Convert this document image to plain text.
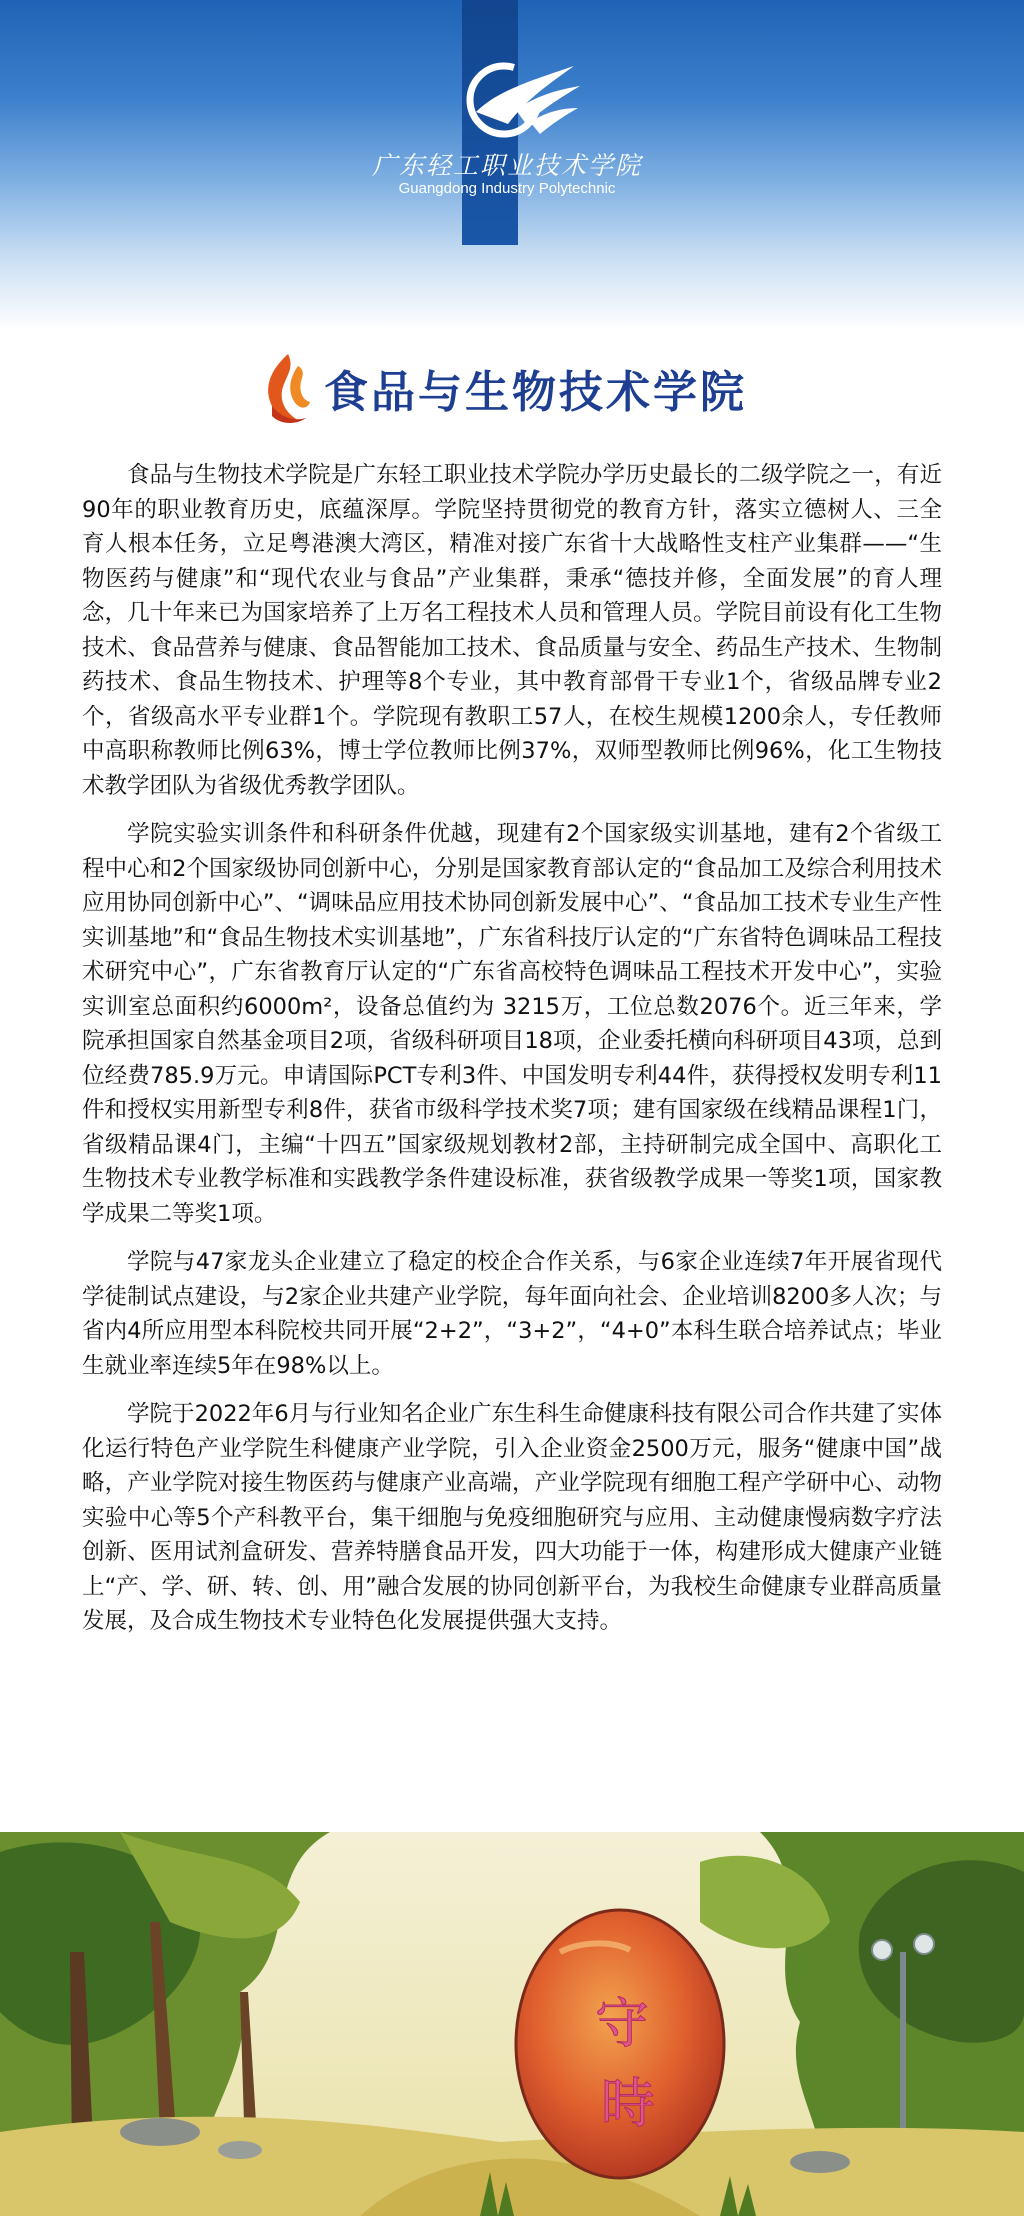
广东轻工职业技术学院
Guangdong Industry Polytechnic
食品与生物技术学院

食品与生物技术学院是广东轻工职业技术学院办学历史最长的二级学院之一，有近90年的职业教育历史，底蕴深厚。学院坚持贯彻党的教育方针，落实立德树人、三全育人根本任务，立足粤港澳大湾区，精准对接广东省十大战略性支柱产业集群——“生物医药与健康”和“现代农业与食品”产业集群，秉承“德技并修，全面发展”的育人理念，几十年来已为国家培养了上万名工程技术人员和管理人员。学院目前设有化工生物技术、食品营养与健康、食品智能加工技术、食品质量与安全、药品生产技术、生物制药技术、食品生物技术、护理等8个专业，其中教育部骨干专业1个，省级品牌专业2个，省级高水平专业群1个。学院现有教职工57人，在校生规模1200余人，专任教师中高职称教师比例63%，博士学位教师比例37%，双师型教师比例96%，化工生物技术教学团队为省级优秀教学团队。

学院实验实训条件和科研条件优越，现建有2个国家级实训基地，建有2个省级工程中心和2个国家级协同创新中心，分别是国家教育部认定的“食品加工及综合利用技术应用协同创新中心”、“调味品应用技术协同创新发展中心”、“食品加工技术专业生产性实训基地”和“食品生物技术实训基地”，广东省科技厅认定的“广东省特色调味品工程技术研究中心”，广东省教育厅认定的“广东省高校特色调味品工程技术开发中心”，实验实训室总面积约6000m²，设备总值约为 3215万，工位总数2076个。近三年来，学院承担国家自然基金项目2项，省级科研项目18项，企业委托横向科研项目43项，总到位经费785.9万元。申请国际PCT专利3件、中国发明专利44件，获得授权发明专利11件和授权实用新型专利8件，获省市级科学技术奖7项；建有国家级在线精品课程1门，省级精品课4门，主编“十四五”国家级规划教材2部，主持研制完成全国中、高职化工生物技术专业教学标准和实践教学条件建设标准，获省级教学成果一等奖1项，国家教学成果二等奖1项。

学院与47家龙头企业建立了稳定的校企合作关系，与6家企业连续7年开展省现代学徒制试点建设，与2家企业共建产业学院，每年面向社会、企业培训8200多人次；与省内4所应用型本科院校共同开展“2+2”，“3+2”，“4+0”本科生联合培养试点；毕业生就业率连续5年在98%以上。

学院于2022年6月与行业知名企业广东生科生命健康科技有限公司合作共建了实体化运行特色产业学院生科健康产业学院，引入企业资金2500万元，服务“健康中国”战略，产业学院对接生物医药与健康产业高端，产业学院现有细胞工程产学研中心、动物实验中心等5个产科教平台，集干细胞与免疫细胞研究与应用、主动健康慢病数字疗法创新、医用试剂盒研发、营养特膳食品开发，四大功能于一体，构建形成大健康产业链上“产、学、研、转、创、用”融合发展的协同创新平台，为我校生命健康专业群高质量发展，及合成生物技术专业特色化发展提供强大支持。

守
時
